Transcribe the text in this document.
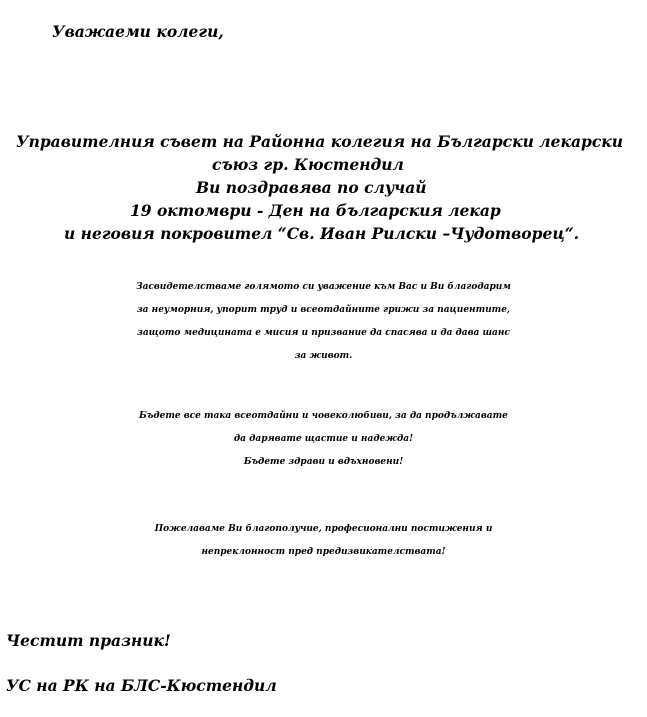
Уважаеми колеги,
Управителния съвет на Районна колегия на Български лекарски
съюз гр. Кюстендил
Ви поздравява по случай
19 октомври - Ден на българския лекар
и неговия покровител “Св. Иван Рилски –Чудотворец“.
Засвидетелстваме голямото си уважение към Вас и Ви благодарим
за неуморния, упорит труд и всеотдайните грижи за пациентите,
защото медицината е мисия и призвание да спасява и да дава шанс
за живот.
Бъдете все така всеотдайни и човеколюбиви, за да продължавате
да дарявате щастие и надежда!
Бъдете здрави и вдъхновени!
Пожелаваме Ви благополучие, професионални постижения и
непреклонност пред предизвикателствата!
Честит празник!
УС на РК на БЛС-Кюстендил
